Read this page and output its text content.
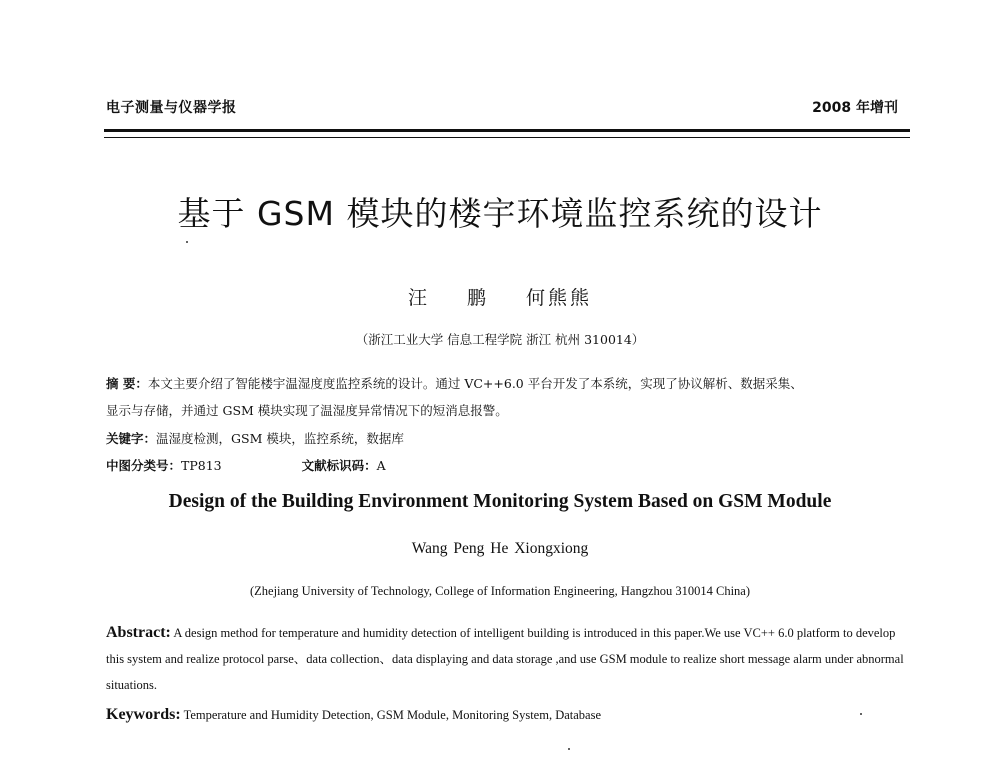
电子测量与仪器学报	2008 年增刊
基于 GSM 模块的楼宇环境监控系统的设计
汪 鹏 何熊熊
（浙江工业大学 信息工程学院 浙江 杭州 310014）
摘 要：本文主要介绍了智能楼宇温湿度度监控系统的设计。通过 VC++6.0 平台开发了本系统，实现了协议解析、数据采集、
显示与存储，并通过 GSM 模块实现了温湿度异常情况下的短消息报警。
关键字：温湿度检测，GSM 模块，监控系统，数据库
中图分类号：TP813	文献标识码：A
Design of the Building Environment Monitoring System Based on GSM Module
Wang Peng He Xiongxiong
(Zhejiang University of Technology, College of Information Engineering, Hangzhou 310014 China)
Abstract: A design method for temperature and humidity detection of intelligent building is introduced in this paper.We use VC++ 6.0 platform to develop this system and realize protocol parse、data collection、data displaying and data storage ,and use GSM module to realize short message alarm under abnormal situations.
Keywords: Temperature and Humidity Detection, GSM Module, Monitoring System, Database
